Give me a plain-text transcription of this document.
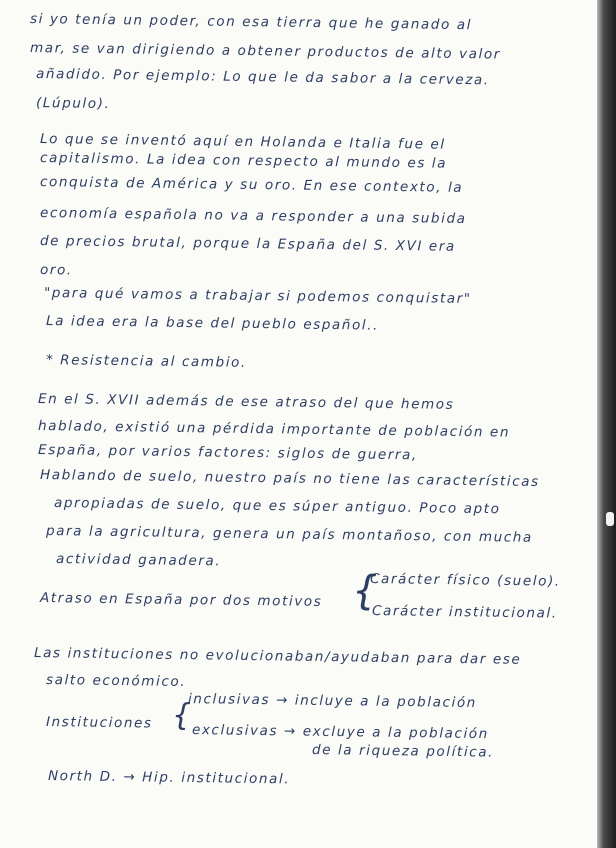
si yo tenía un poder, con esa tierra que he ganado al

mar, se van dirigiendo a obtener productos de alto valor

añadido. Por ejemplo: Lo que le da sabor a la cerveza.

(Lúpulo).

Lo que se inventó aquí en Holanda e Italia fue el

capitalismo. La idea con respecto al mundo es la

conquista de América y su oro. En ese contexto, la

economía española no va a responder a una subida

de precios brutal, porque la España del S. XVI era

oro.

"para qué vamos a trabajar si podemos conquistar"

La idea era la base del pueblo español..

* Resistencia al cambio.

En el S. XVII además de ese atraso del que hemos

hablado, existió una pérdida importante de población en

España, por varios factores: siglos de guerra,

Hablando de suelo, nuestro país no tiene las características

apropiadas de suelo, que es súper antiguo. Poco apto

para la agricultura, genera un país montañoso, con mucha

actividad ganadera.

Atraso en España por dos motivos {

Carácter físico (suelo).

Carácter institucional.

Las instituciones no evolucionaban/ayudaban para dar ese

salto económico.

Instituciones {

inclusivas → incluye a la población

exclusivas → excluye a la población

de la riqueza política.

North D. → Hip. institucional.
